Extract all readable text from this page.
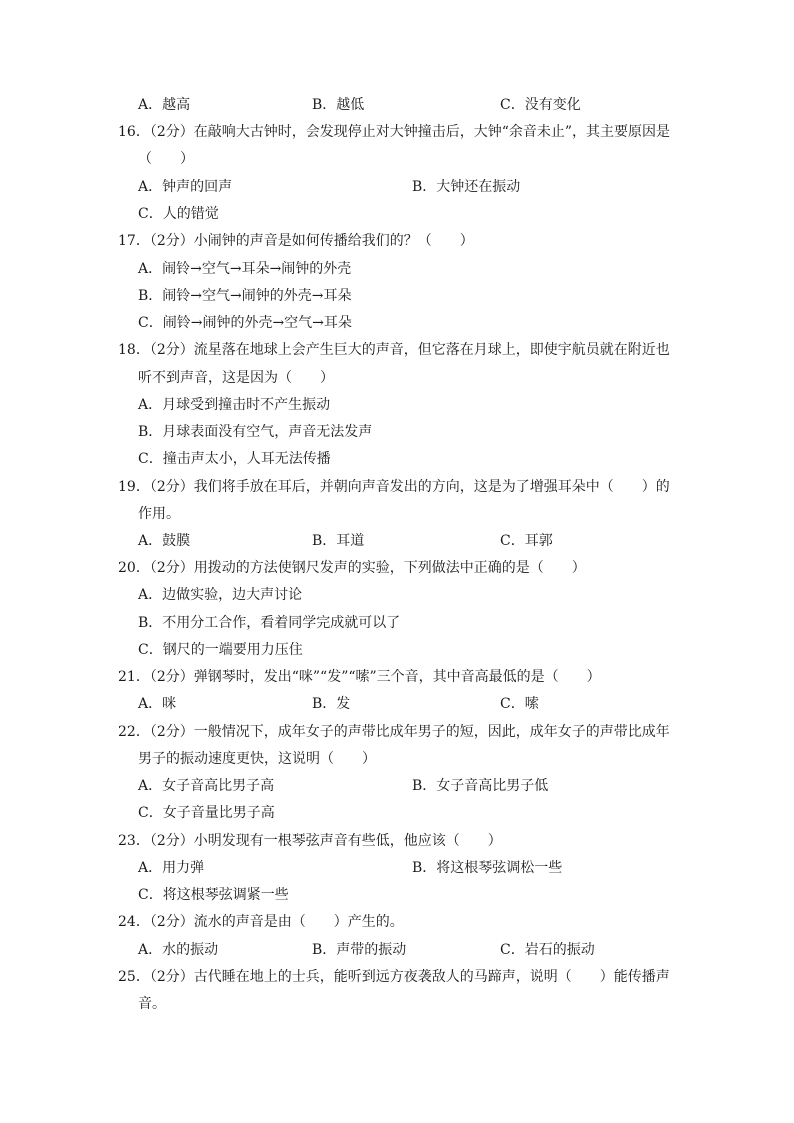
A．越高	B．越低	C．没有变化
16．（2分）在敲响大古钟时，会发现停止对大钟撞击后，大钟“余音未止”，其主要原因是
（　　）
A．钟声的回声	B．大钟还在振动
C．人的错觉
17．（2分）小闹钟的声音是如何传播给我们的？（　　）
A．闹铃→空气→耳朵→闹钟的外壳
B．闹铃→空气→闹钟的外壳→耳朵
C．闹铃→闹钟的外壳→空气→耳朵
18．（2分）流星落在地球上会产生巨大的声音，但它落在月球上，即使宇航员就在附近也
听不到声音，这是因为（　　）
A．月球受到撞击时不产生振动
B．月球表面没有空气，声音无法发声
C．撞击声太小，人耳无法传播
19．（2分）我们将手放在耳后，并朝向声音发出的方向，这是为了增强耳朵中（　　）的
作用。
A．鼓膜	B．耳道	C．耳郭
20．（2分）用拨动的方法使钢尺发声的实验，下列做法中正确的是（　　）
A．边做实验，边大声讨论
B．不用分工合作，看着同学完成就可以了
C．钢尺的一端要用力压住
21．（2分）弹钢琴时，发出“咪”“发”“嗦”三个音，其中音高最低的是（　　）
A．咪	B．发	C．嗦
22．（2分）一般情况下，成年女子的声带比成年男子的短，因此，成年女子的声带比成年
男子的振动速度更快，这说明（　　）
A．女子音高比男子高	B．女子音高比男子低
C．女子音量比男子高
23．（2分）小明发现有一根琴弦声音有些低，他应该（　　）
A．用力弹	B．将这根琴弦调松一些
C．将这根琴弦调紧一些
24．（2分）流水的声音是由（　　）产生的。
A．水的振动	B．声带的振动	C．岩石的振动
25．（2分）古代睡在地上的士兵，能听到远方夜袭敌人的马蹄声，说明（　　）能传播声
音。
